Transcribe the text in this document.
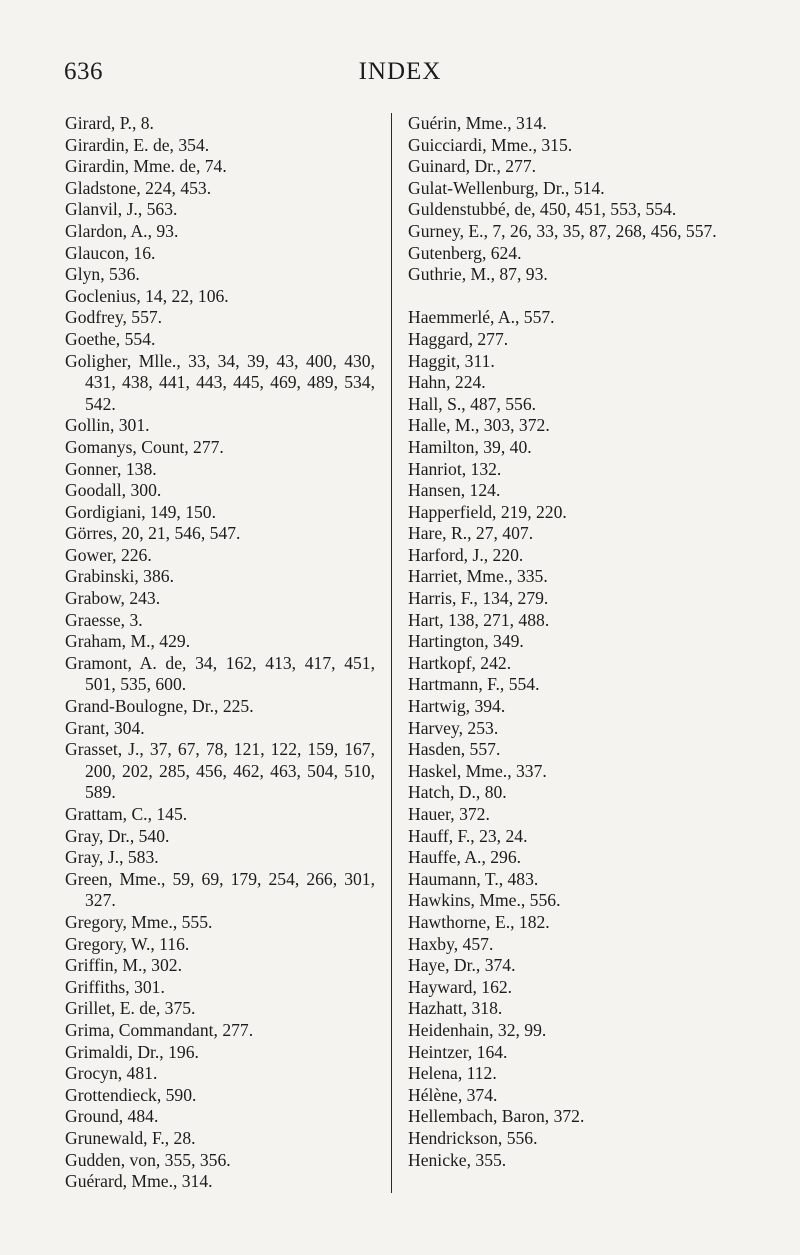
636	INDEX
Girard, P., 8.
Girardin, E. de, 354.
Girardin, Mme. de, 74.
Gladstone, 224, 453.
Glanvil, J., 563.
Glardon, A., 93.
Glaucon, 16.
Glyn, 536.
Goclenius, 14, 22, 106.
Godfrey, 557.
Goethe, 554.
Goligher, Mlle., 33, 34, 39, 43, 400, 430, 431, 438, 441, 443, 445, 469, 489, 534, 542.
Gollin, 301.
Gomanys, Count, 277.
Gonner, 138.
Goodall, 300.
Gordigiani, 149, 150.
Görres, 20, 21, 546, 547.
Gower, 226.
Grabinski, 386.
Grabow, 243.
Graesse, 3.
Graham, M., 429.
Gramont, A. de, 34, 162, 413, 417, 451, 501, 535, 600.
Grand-Boulogne, Dr., 225.
Grant, 304.
Grasset, J., 37, 67, 78, 121, 122, 159, 167, 200, 202, 285, 456, 462, 463, 504, 510, 589.
Grattam, C., 145.
Gray, Dr., 540.
Gray, J., 583.
Green, Mme., 59, 69, 179, 254, 266, 301, 327.
Gregory, Mme., 555.
Gregory, W., 116.
Griffin, M., 302.
Griffiths, 301.
Grillet, E. de, 375.
Grima, Commandant, 277.
Grimaldi, Dr., 196.
Grocyn, 481.
Grottendieck, 590.
Ground, 484.
Grunewald, F., 28.
Gudden, von, 355, 356.
Guérard, Mme., 314.
Guérin, Mme., 314.
Guicciardi, Mme., 315.
Guinard, Dr., 277.
Gulat-Wellenburg, Dr., 514.
Guldenstubbé, de, 450, 451, 553, 554.
Gurney, E., 7, 26, 33, 35, 87, 268, 456, 557.
Gutenberg, 624.
Guthrie, M., 87, 93.
Haemmerlé, A., 557.
Haggard, 277.
Haggit, 311.
Hahn, 224.
Hall, S., 487, 556.
Halle, M., 303, 372.
Hamilton, 39, 40.
Hanriot, 132.
Hansen, 124.
Happerfield, 219, 220.
Hare, R., 27, 407.
Harford, J., 220.
Harriet, Mme., 335.
Harris, F., 134, 279.
Hart, 138, 271, 488.
Hartington, 349.
Hartkopf, 242.
Hartmann, F., 554.
Hartwig, 394.
Harvey, 253.
Hasden, 557.
Haskel, Mme., 337.
Hatch, D., 80.
Hauer, 372.
Hauff, F., 23, 24.
Hauffe, A., 296.
Haumann, T., 483.
Hawkins, Mme., 556.
Hawthorne, E., 182.
Haxby, 457.
Haye, Dr., 374.
Hayward, 162.
Hazhatt, 318.
Heidenhain, 32, 99.
Heintzer, 164.
Helena, 112.
Hélène, 374.
Hellembach, Baron, 372.
Hendrickson, 556.
Henicke, 355.
